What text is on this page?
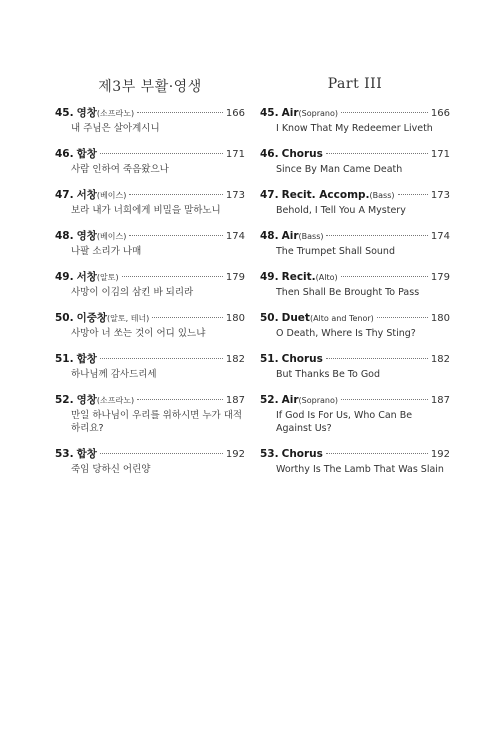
제3부 부활·영생
45. 영창 (소프라노)	166
내 주님은 살아계시니
46. 합창	171
사람 인하여 죽음왔으나
47. 서창 (베이스)	173
보라 내가 너희에게 비밀을 말하노니
48. 영창 (베이스)	174
나팔 소리가 나매
49. 서창 (알토)	179
사망이 이김의 삼킨 바 되리라
50. 이중창 (알토, 테너)	180
사망아 너 쏘는 것이 어디 있느냐
51. 합창	182
하나님께 감사드리세
52. 영창 (소프라노)	187
만일 하나님이 우리를 위하시면 누가 대적하리요?
53. 합창	192
죽임 당하신 어린양
Part III
45. Air (Soprano)	166
I Know That My Redeemer Liveth
46. Chorus	171
Since By Man Came Death
47. Recit. Accomp. (Bass)	173
Behold, I Tell You A Mystery
48. Air (Bass)	174
The Trumpet Shall Sound
49. Recit. (Alto)	179
Then Shall Be Brought To Pass
50. Duet (Alto and Tenor)	180
O Death, Where Is Thy Sting?
51. Chorus	182
But Thanks Be To God
52. Air (Soprano)	187
If God Is For Us, Who Can Be Against Us?
53. Chorus	192
Worthy Is The Lamb That Was Slain
